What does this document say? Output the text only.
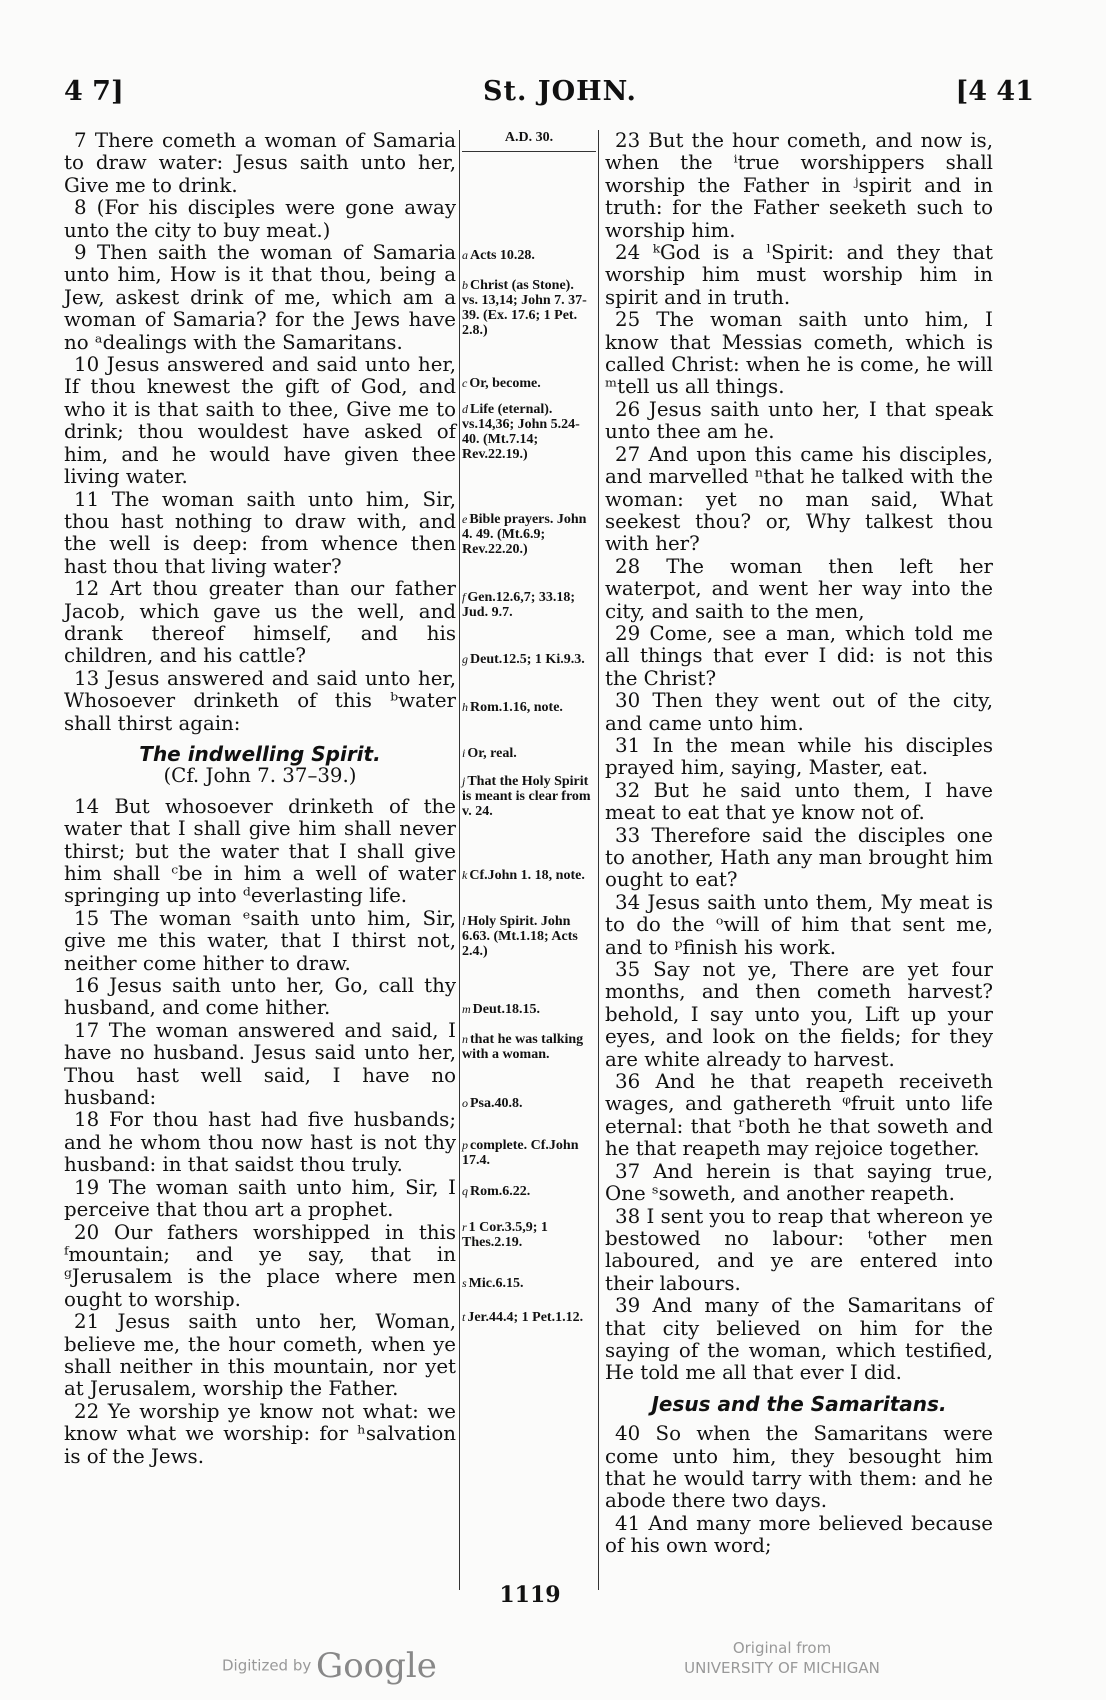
4 7]	St. JOHN.	[4 41

7 There cometh a woman of Samaria to draw water: Jesus saith unto her, Give me to drink.

8 (For his disciples were gone away unto the city to buy meat.)

9 Then saith the woman of Samaria unto him, How is it that thou, being a Jew, askest drink of me, which am a woman of Samaria? for the Jews have no ᵃdealings with the Samaritans.

10 Jesus answered and said unto her, If thou knewest the gift of God, and who it is that saith to thee, Give me to drink; thou wouldest have asked of him, and he would have given thee living water.

11 The woman saith unto him, Sir, thou hast nothing to draw with, and the well is deep: from whence then hast thou that living water?

12 Art thou greater than our father Jacob, which gave us the well, and drank thereof himself, and his children, and his cattle?

13 Jesus answered and said unto her, Whosoever drinketh of this ᵇwater shall thirst again:

The indwelling Spirit.

(Cf. John 7. 37–39.)

14 But whosoever drinketh of the water that I shall give him shall never thirst; but the water that I shall give him shall ᶜbe in him a well of water springing up into ᵈeverlasting life.

15 The woman ᵉsaith unto him, Sir, give me this water, that I thirst not, neither come hither to draw.

16 Jesus saith unto her, Go, call thy husband, and come hither.

17 The woman answered and said, I have no husband. Jesus said unto her, Thou hast well said, I have no husband:

18 For thou hast had five husbands; and he whom thou now hast is not thy husband: in that saidst thou truly.

19 The woman saith unto him, Sir, I perceive that thou art a prophet.

20 Our fathers worshipped in this ᶠmountain; and ye say, that in ᵍJerusalem is the place where men ought to worship.

21 Jesus saith unto her, Woman, believe me, the hour cometh, when ye shall neither in this mountain, nor yet at Jerusalem, worship the Father.

22 Ye worship ye know not what: we know what we worship: for ʰsalvation is of the Jews.

A.D. 30.
a Acts 10.28.
b Christ (as Stone). vs. 13,14; John 7. 37-39. (Ex. 17.6; 1 Pet. 2.8.)
c Or, become.
d Life (eternal). vs.14,36; John 5.24-40. (Mt.7.14; Rev.22.19.)
e Bible prayers. John 4. 49. (Mt.6.9; Rev.22.20.)
f Gen.12.6,7; 33.18; Jud. 9.7.
g Deut.12.5; 1 Ki.9.3.
h Rom.1.16, note.
i Or, real.
j That the Holy Spirit is meant is clear from v. 24.
k Cf.John 1. 18, note.
l Holy Spirit. John 6.63. (Mt.1.18; Acts 2.4.)
m Deut.18.15.
n that he was talking with a woman.
o Psa.40.8.
p complete. Cf.John 17.4.
q Rom.6.22.
r 1 Cor.3.5,9; 1 Thes.2.19.
s Mic.6.15.
t Jer.44.4; 1 Pet.1.12.

23 But the hour cometh, and now is, when the ⁱtrue worshippers shall worship the Father in ʲspirit and in truth: for the Father seeketh such to worship him.

24 ᵏGod is a ˡSpirit: and they that worship him must worship him in spirit and in truth.

25 The woman saith unto him, I know that Messias cometh, which is called Christ: when he is come, he will ᵐtell us all things.

26 Jesus saith unto her, I that speak unto thee am he.

27 And upon this came his disciples, and marvelled ⁿthat he talked with the woman: yet no man said, What seekest thou? or, Why talkest thou with her?

28 The woman then left her waterpot, and went her way into the city, and saith to the men,

29 Come, see a man, which told me all things that ever I did: is not this the Christ?

30 Then they went out of the city, and came unto him.

31 In the mean while his disciples prayed him, saying, Master, eat.

32 But he said unto them, I have meat to eat that ye know not of.

33 Therefore said the disciples one to another, Hath any man brought him ought to eat?

34 Jesus saith unto them, My meat is to do the ᵒwill of him that sent me, and to ᵖfinish his work.

35 Say not ye, There are yet four months, and then cometh harvest? behold, I say unto you, Lift up your eyes, and look on the fields; for they are white already to harvest.

36 And he that reapeth receiveth wages, and gathereth ᵠfruit unto life eternal: that ʳboth he that soweth and he that reapeth may rejoice together.

37 And herein is that saying true, One ˢsoweth, and another reapeth.

38 I sent you to reap that whereon ye bestowed no labour: ᵗother men laboured, and ye are entered into their labours.

39 And many of the Samaritans of that city believed on him for the saying of the woman, which testified, He told me all that ever I did.

Jesus and the Samaritans.

40 So when the Samaritans were come unto him, they besought him that he would tarry with them: and he abode there two days.

41 And many more believed because of his own word;

1119
Digitized by Google	Original from
UNIVERSITY OF MICHIGAN
